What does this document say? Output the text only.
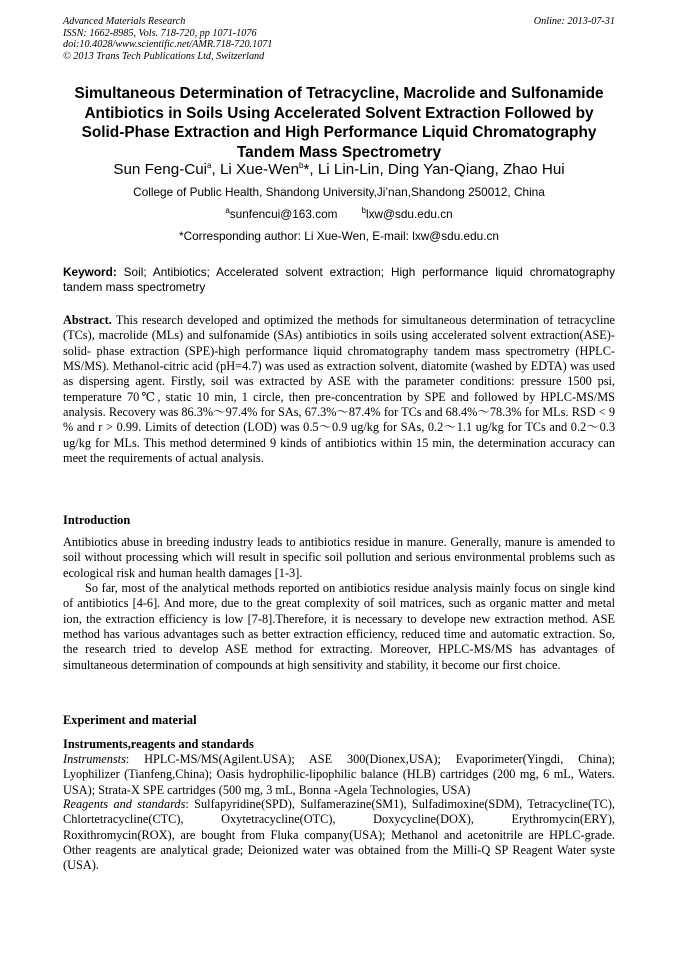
Advanced Materials Research
ISSN: 1662-8985, Vols. 718-720, pp 1071-1076
doi:10.4028/www.scientific.net/AMR.718-720.1071
© 2013 Trans Tech Publications Ltd, Switzerland
Online: 2013-07-31
Simultaneous Determination of Tetracycline, Macrolide and Sulfonamide
Antibiotics in Soils Using Accelerated Solvent Extraction Followed by
Solid-Phase Extraction and High Performance Liquid Chromatography
Tandem Mass Spectrometry
Sun Feng-Cui$^a$, Li Xue-Wen$^b$*, Li Lin-Lin, Ding Yan-Qiang, Zhao Hui
College of Public Health, Shandong University,Ji’nan,Shandong 250012, China
$^a$sunfencui@163.com	$^b$lxw@sdu.edu.cn
*Corresponding author: Li Xue-Wen, E-mail: lxw@sdu.edu.cn
Keyword: Soil; Antibiotics; Accelerated solvent extraction; High performance liquid chromatography tandem mass spectrometry
Abstract. This research developed and optimized the methods for simultaneous determination of tetracycline (TCs), macrolide (MLs) and sulfonamide (SAs) antibiotics in soils using accelerated solvent extraction(ASE)- solid- phase extraction (SPE)-high performance liquid chromatography tandem mass spectrometry (HPLC-MS/MS). Methanol-citric acid (pH=4.7) was used as extraction solvent, diatomite (washed by EDTA) was used as dispersing agent. Firstly, soil was extracted by ASE with the parameter conditions: pressure 1500 psi, temperature 70℃, static 10 min, 1 circle, then pre-concentration by SPE and followed by HPLC-MS/MS analysis. Recovery was 86.3%～97.4% for SAs, 67.3%～87.4% for TCs and 68.4%～78.3% for MLs. RSD < 9 % and r > 0.99. Limits of detection (LOD) was 0.5～0.9 ug/kg for SAs, 0.2～1.1 ug/kg for TCs and 0.2～0.3 ug/kg for MLs. This method determined 9 kinds of antibiotics within 15 min, the determination accuracy can meet the requirements of actual analysis.
Introduction
Antibiotics abuse in breeding industry leads to antibiotics residue in manure. Generally, manure is amended to soil without processing which will result in specific soil pollution and serious environmental problems such as ecological risk and human health damages [1-3].
So far, most of the analytical methods reported on antibiotics residue analysis mainly focus on single kind of antibiotics [4-6]. And more, due to the great complexity of soil matrices, such as organic matter and metal ion, the extraction efficiency is low [7-8].Therefore, it is necessary to develope new extraction method. ASE method has various advantages such as better extraction efficiency, reduced time and automatic extraction. So, the research tried to develop ASE method for extracting. Moreover, HPLC-MS/MS has advantages of simultaneous determination of compounds at high sensitivity and stability, it become our first choice.
Experiment and material
Instruments,reagents and standards
Instrumensts: HPLC-MS/MS(Agilent.USA); ASE 300(Dionex,USA); Evaporimeter(Yingdi, China); Lyophilizer (Tianfeng,China); Oasis hydrophilic-lipophilic balance (HLB) cartridges (200 mg, 6 mL, Waters. USA); Strata-X SPE cartridges (500 mg, 3 mL, Bonna -Agela Technologies, USA)
Reagents and standards: Sulfapyridine(SPD), Sulfamerazine(SM1), Sulfadimoxine(SDM), Tetracycline(TC), Chlortetracycline(CTC), Oxytetracycline(OTC), Doxycycline(DOX), Erythromycin(ERY), Roxithromycin(ROX), are bought from Fluka company(USA); Methanol and acetonitrile are HPLC-grade. Other reagents are analytical grade; Deionized water was obtained from the Milli-Q SP Reagent Water syste (USA).
